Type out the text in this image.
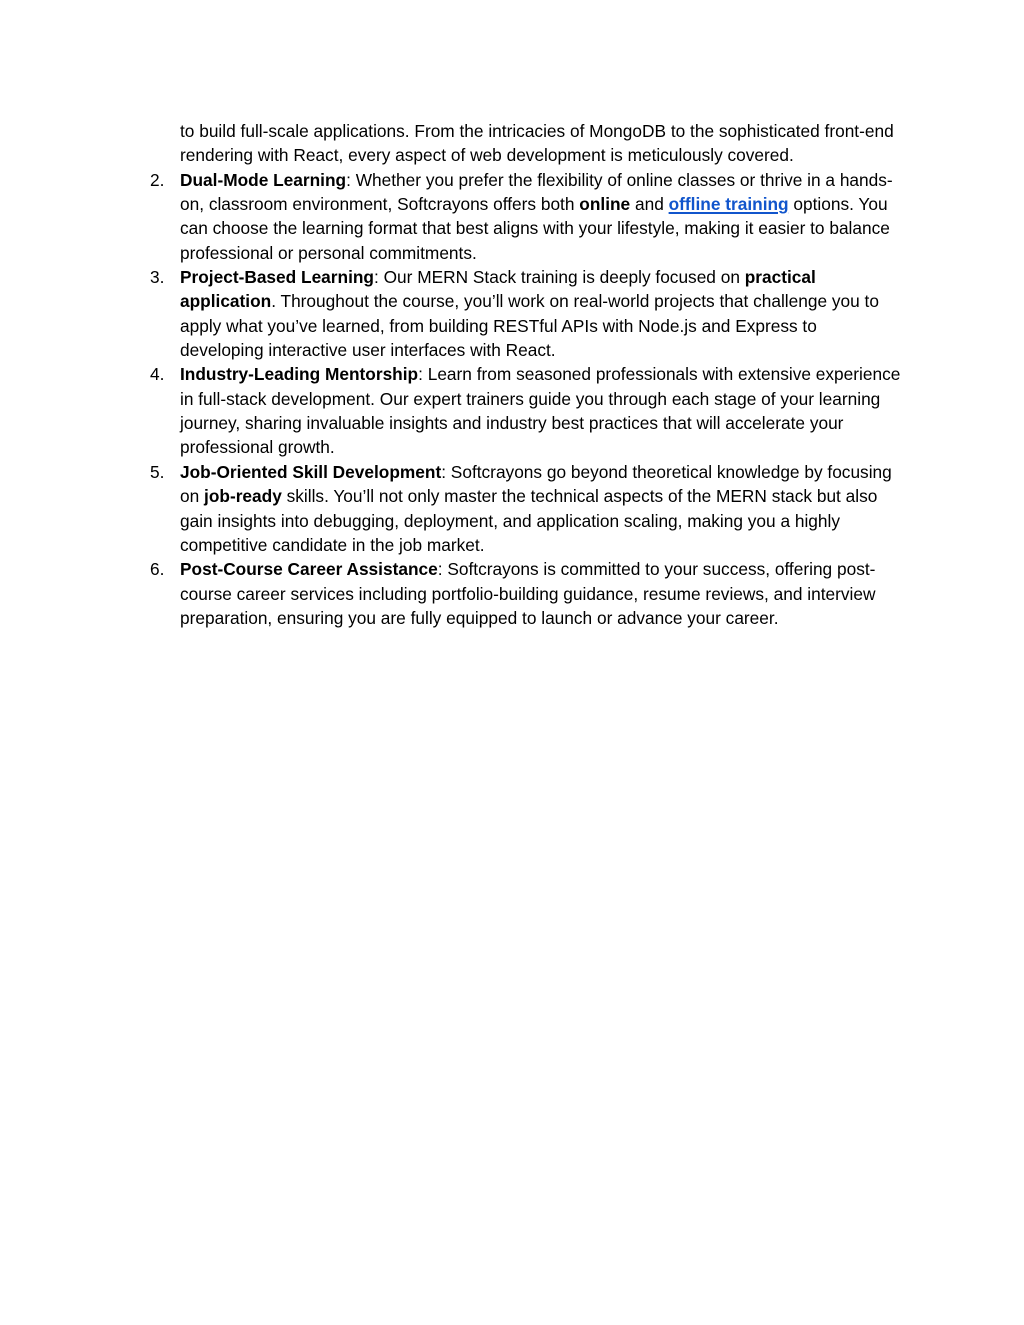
to build full-scale applications. From the intricacies of MongoDB to the sophisticated front-end rendering with React, every aspect of web development is meticulously covered.

2. Dual-Mode Learning: Whether you prefer the flexibility of online classes or thrive in a hands-on, classroom environment, Softcrayons offers both online and offline training options. You can choose the learning format that best aligns with your lifestyle, making it easier to balance professional or personal commitments.
3. Project-Based Learning: Our MERN Stack training is deeply focused on practical application. Throughout the course, you’ll work on real-world projects that challenge you to apply what you’ve learned, from building RESTful APIs with Node.js and Express to developing interactive user interfaces with React.
4. Industry-Leading Mentorship: Learn from seasoned professionals with extensive experience in full-stack development. Our expert trainers guide you through each stage of your learning journey, sharing invaluable insights and industry best practices that will accelerate your professional growth.
5. Job-Oriented Skill Development: Softcrayons go beyond theoretical knowledge by focusing on job-ready skills. You’ll not only master the technical aspects of the MERN stack but also gain insights into debugging, deployment, and application scaling, making you a highly competitive candidate in the job market.
6. Post-Course Career Assistance: Softcrayons is committed to your success, offering post-course career services including portfolio-building guidance, resume reviews, and interview preparation, ensuring you are fully equipped to launch or advance your career.
